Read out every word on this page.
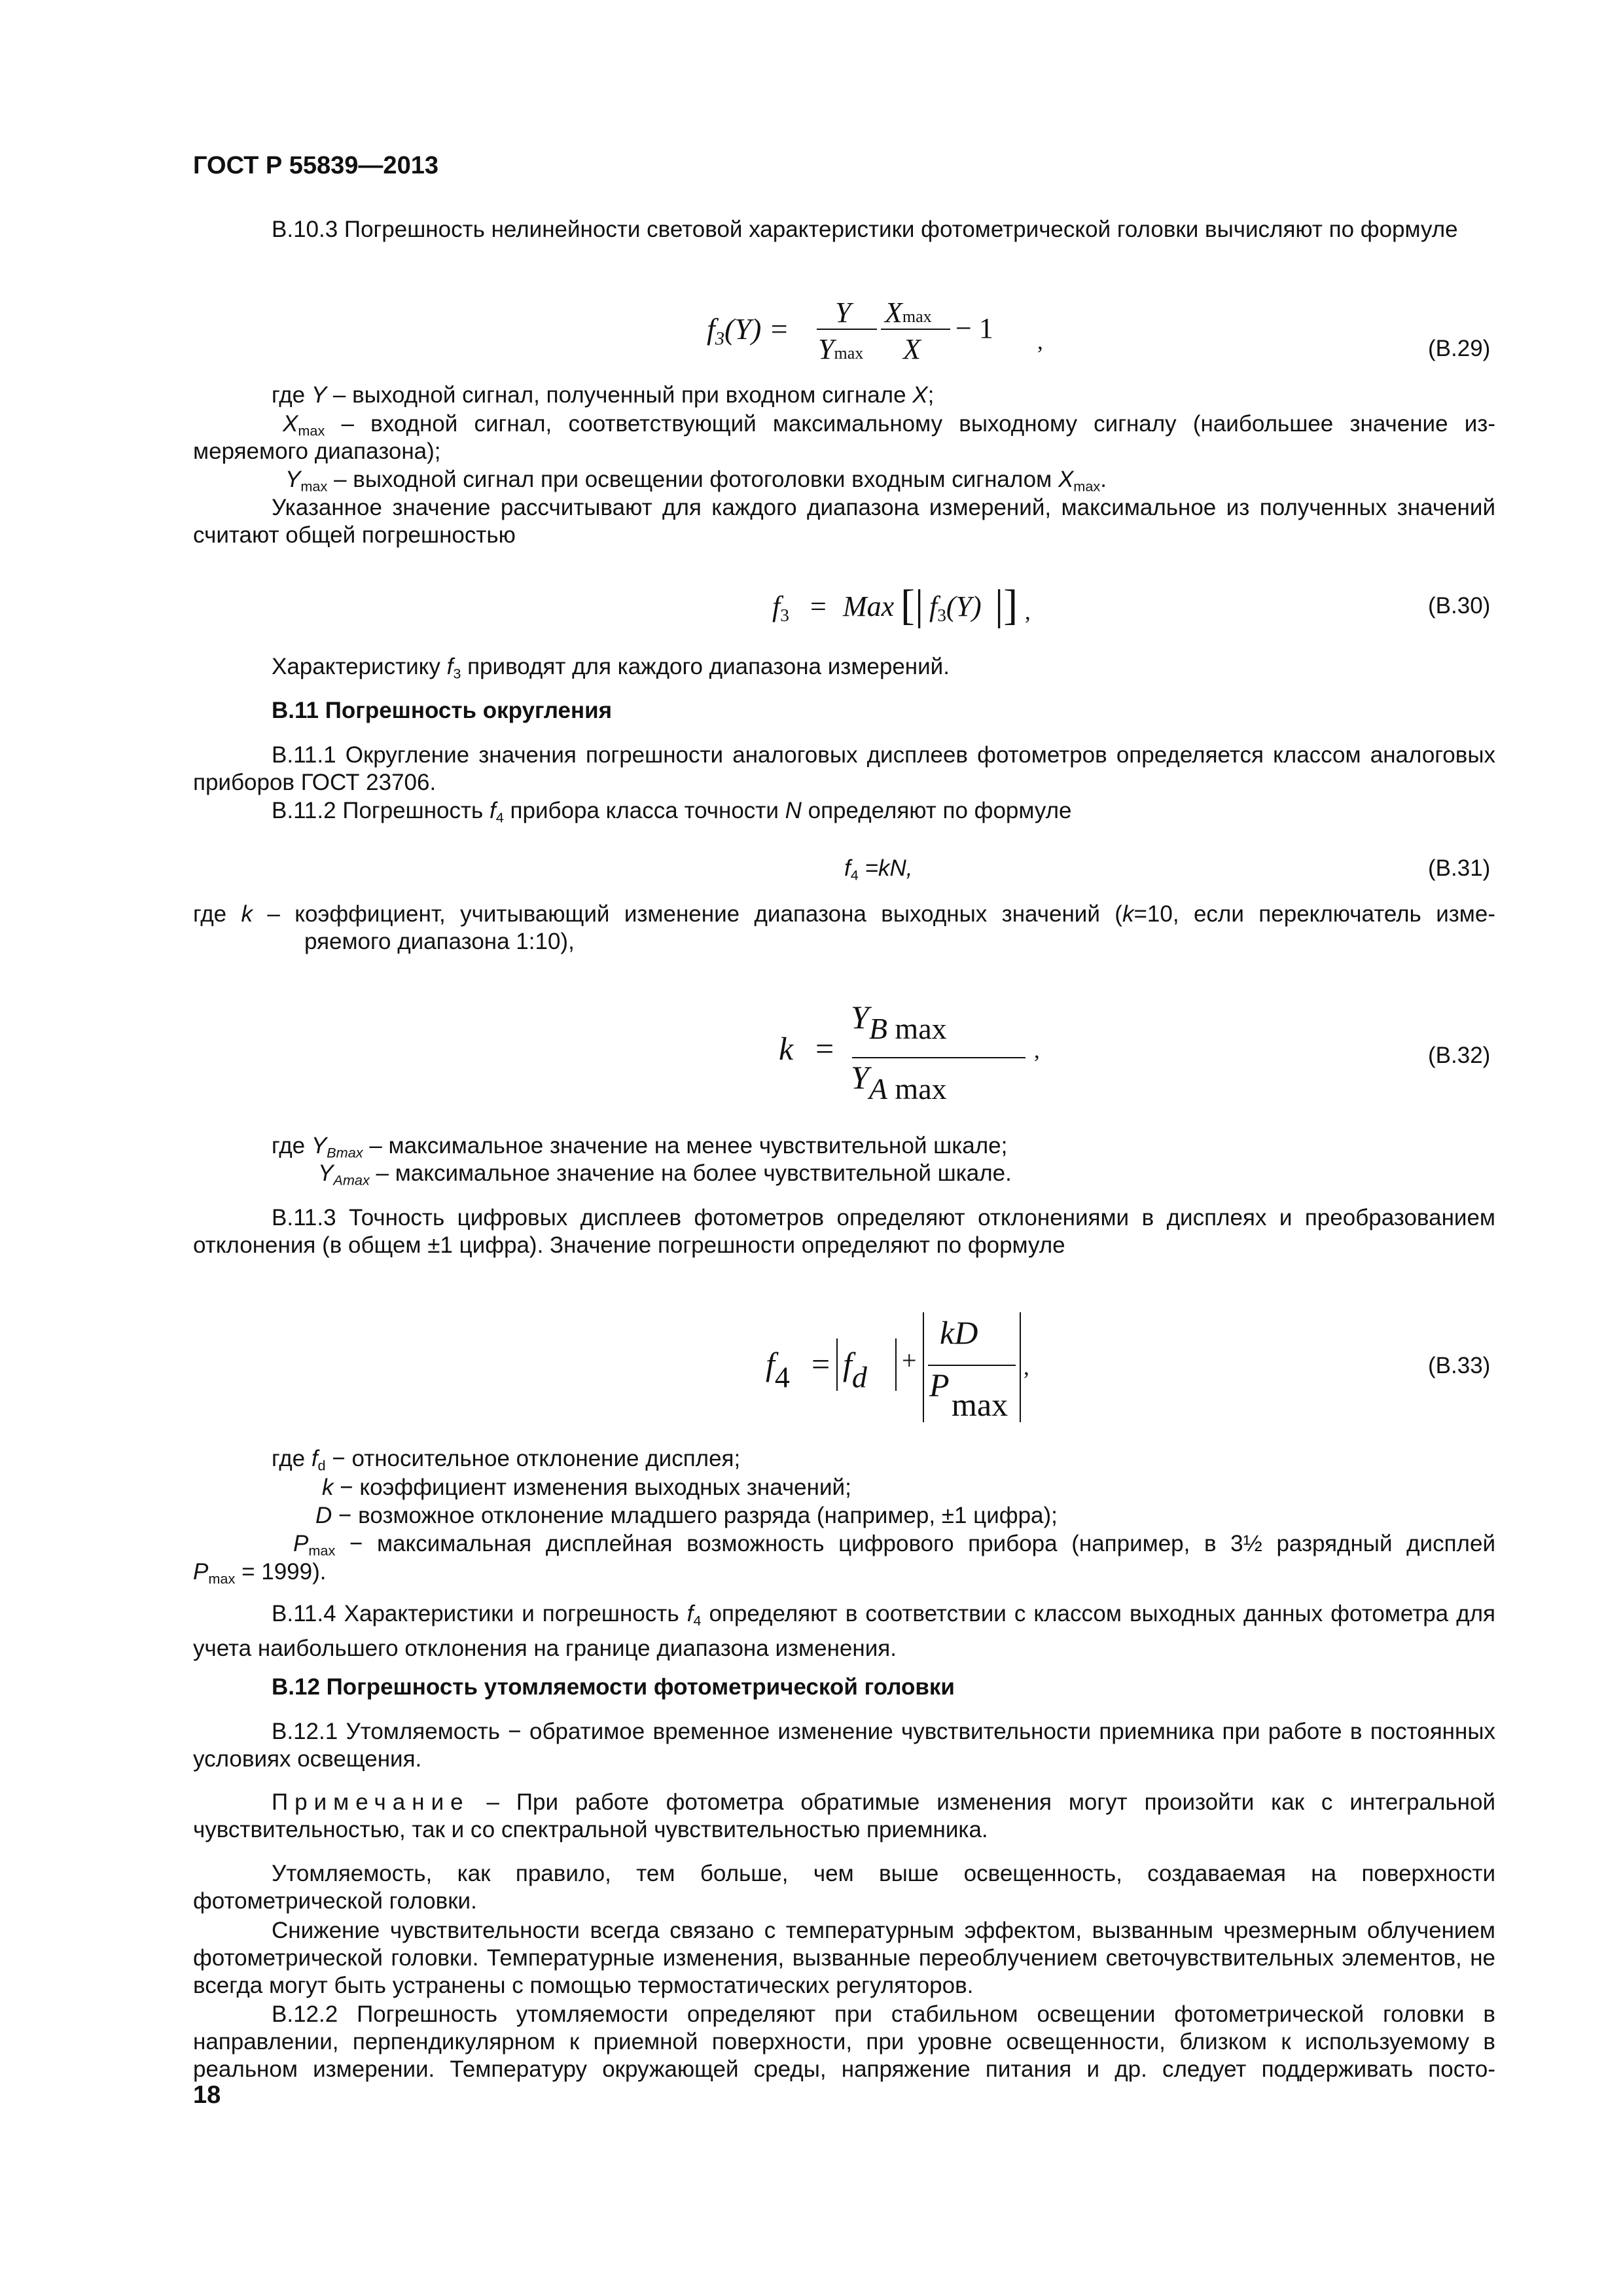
ГОСТ Р 55839—2013
В.10.3 Погрешность нелинейности световой характеристики фотометрической головки вычисляют по формуле
$f_3(Y) = Y$
Ymax
Xmax
X
− 1 ,	(В.29)
где Y – выходной сигнал, полученный при входном сигнале X;
$X_{max}$ – входной сигнал, соответствующий максимальному выходному сигналу (наибольшее значение из-
меряемого диапазона);
$Y_{max}$ – выходной сигнал при освещении фотоголовки входным сигналом $X_{max}$.
Указанное значение рассчитывают для каждого диапазона измерений, максимальное из полученных значений считают общей погрешностью
$f_3$ = Max [| $f_3(Y)$ |] ,	(В.30)
Характеристику $f_3$ приводят для каждого диапазона измерений.
В.11 Погрешность округления
В.11.1 Округление значения погрешности аналоговых дисплеев фотометров определяется классом аналоговых приборов ГОСТ 23706.
В.11.2 Погрешность $f_4$ прибора класса точности N определяют по формуле
$f_4 =kN$,	(В.31)
где k – коэффициент, учитывающий изменение диапазона выходных значений (k=10, если переключатель изме-
ряемого диапазона 1:10),
k =
YB max
YA max
,	(В.32)
где $Y_{Bmax}$ – максимальное значение на менее чувствительной шкале;
$Y_{Amax}$ – максимальное значение на более чувствительной шкале.
В.11.3 Точность цифровых дисплеев фотометров определяют отклонениями в дисплеях и преобразованием отклонения (в общем ±1 цифра). Значение погрешности определяют по формуле
f4 = fd +
kD
P
max
,	(В.33)
где $f_d$ − относительное отклонение дисплея;
k − коэффициент изменения выходных значений;
D − возможное отклонение младшего разряда (например, ±1 цифра);
$P_{max}$ − максимальная дисплейная возможность цифрового прибора (например, в 3½ разрядный дисплей
$P_{max} = 1999$).
В.11.4 Характеристики и погрешность $f_4$ определяют в соответствии с классом выходных данных фотометра для учета наибольшего отклонения на границе диапазона изменения.
В.12 Погрешность утомляемости фотометрической головки
В.12.1 Утомляемость − обратимое временное изменение чувствительности приемника при работе в постоянных условиях освещения.
Примечание – При работе фотометра обратимые изменения могут произойти как с интегральной чувствительностью, так и со спектральной чувствительностью приемника.
Утомляемость, как правило, тем больше, чем выше освещенность, создаваемая на поверхности фотометрической головки.
Снижение чувствительности всегда связано с температурным эффектом, вызванным чрезмерным облучением фотометрической головки. Температурные изменения, вызванные переоблучением светочувствительных элементов, не всегда могут быть устранены с помощью термостатических регуляторов.
В.12.2 Погрешность утомляемости определяют при стабильном освещении фотометрической головки в направлении, перпендикулярном к приемной поверхности, при уровне освещенности, близком к используемому в реальном измерении. Температуру окружающей среды, напряжение питания и др. следует поддерживать посто-
18
